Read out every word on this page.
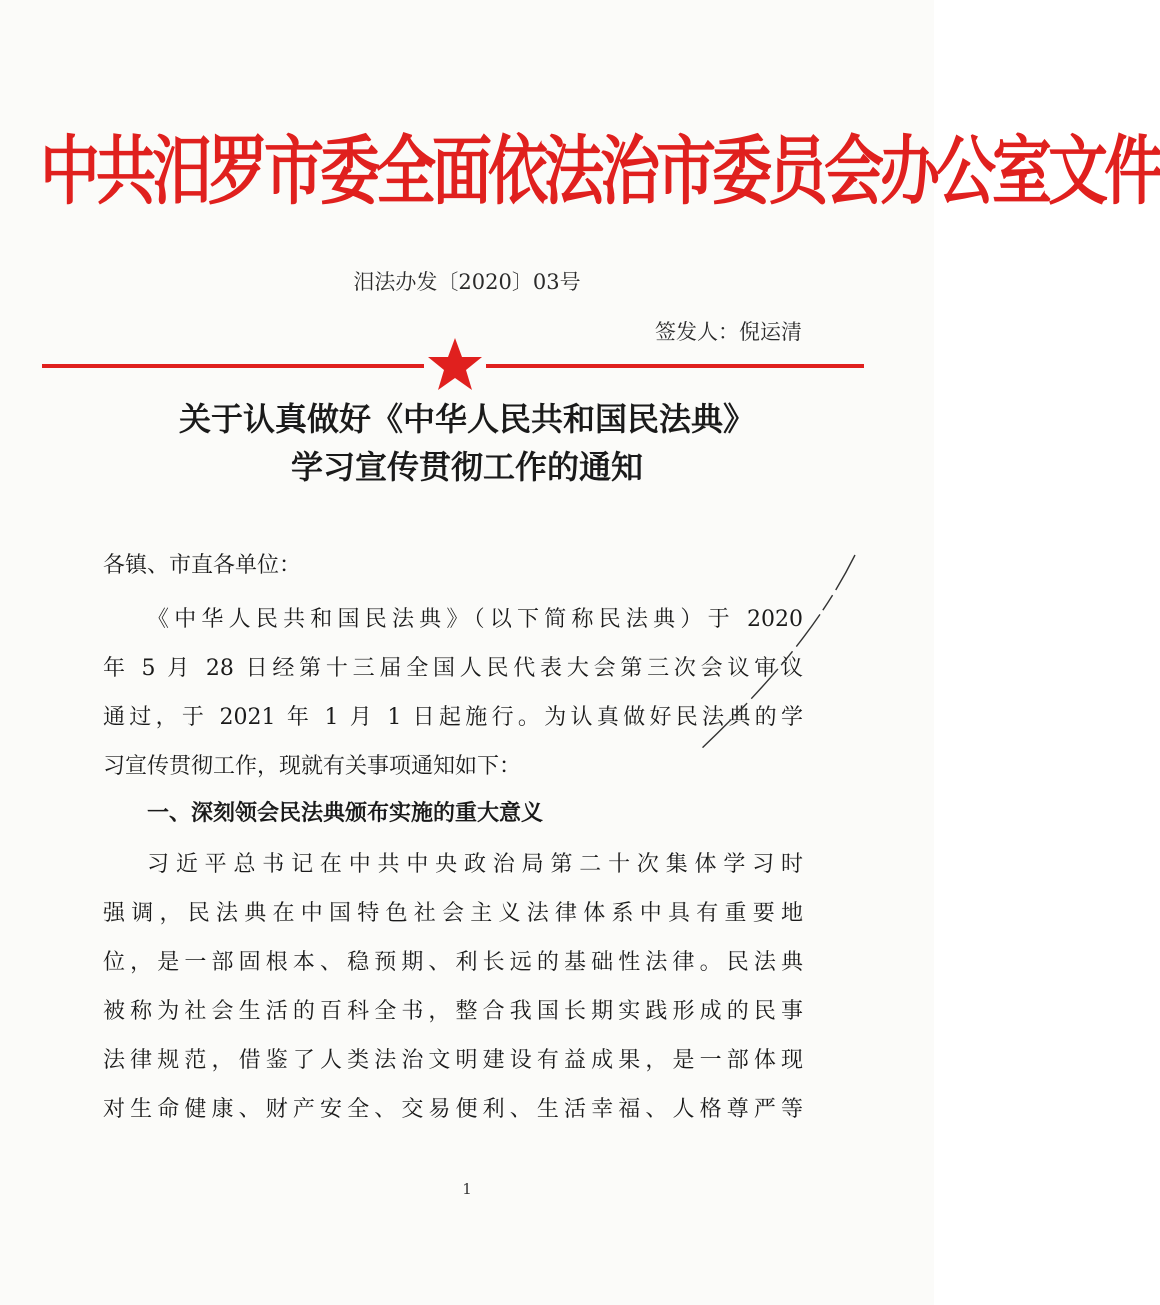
中共汨罗市委全面依法治市委员会办公室文件
汨法办发〔2020〕03号
签发人：倪运清
关于认真做好《中华人民共和国民法典》
学习宣传贯彻工作的通知
各镇、市直各单位：
《中华人民共和国民法典》（以下简称民法典）于 2020
年 5 月 28 日经第十三届全国人民代表大会第三次会议审议
通过，于 2021 年 1 月 1 日起施行。为认真做好民法典的学
习宣传贯彻工作，现就有关事项通知如下：
一、深刻领会民法典颁布实施的重大意义
习近平总书记在中共中央政治局第二十次集体学习时
强调，民法典在中国特色社会主义法律体系中具有重要地
位，是一部固根本、稳预期、利长远的基础性法律。民法典
被称为社会生活的百科全书，整合我国长期实践形成的民事
法律规范，借鉴了人类法治文明建设有益成果，是一部体现
对生命健康、财产安全、交易便利、生活幸福、人格尊严等
1
